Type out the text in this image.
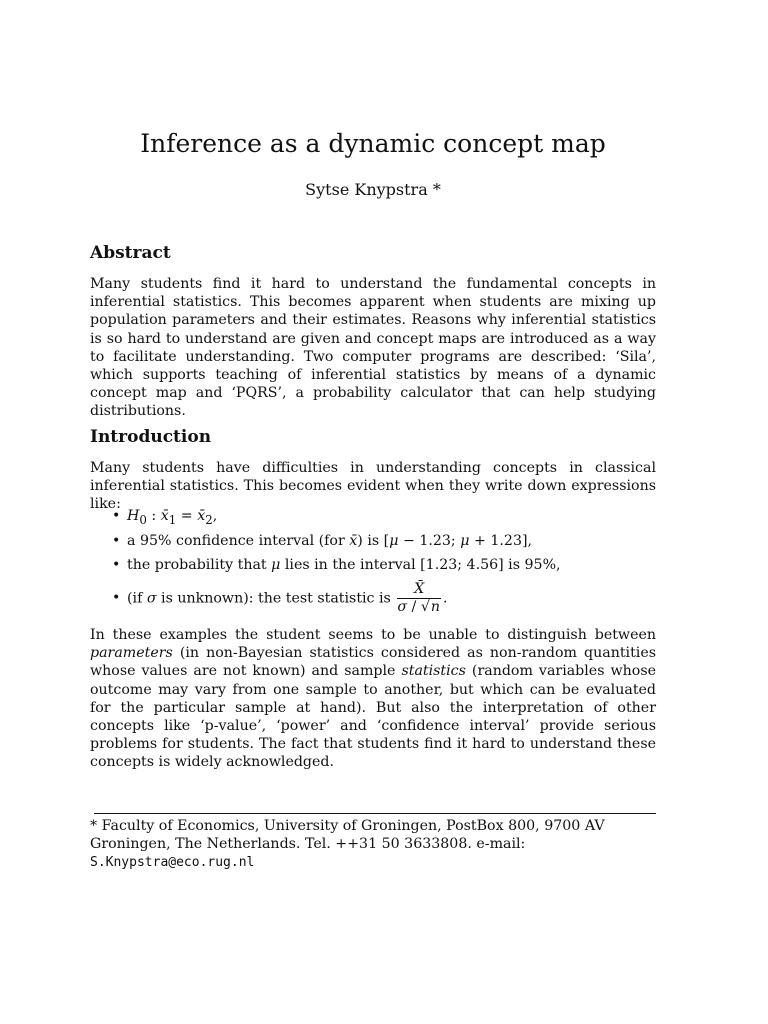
Inference as a dynamic concept map
Sytse Knypstra *
Abstract

Many students find it hard to understand the fundamental concepts in inferential statistics. This becomes apparent when students are mixing up population parameters and their estimates. Reasons why inferential statistics is so hard to understand are given and concept maps are introduced as a way to facilitate understanding. Two computer programs are described: ‘Sila’, which supports teaching of inferential statistics by means of a dynamic concept map and ‘PQRS’, a probability calculator that can help studying distributions.

Introduction

Many students have difficulties in understanding concepts in classical inferential statistics. This becomes evident when they write down expressions like:

• $H_0$ : $x̄_1$ = $x̄_2$,
• a 95% confidence interval (for x̄) is [μ − 1.23; μ + 1.23],
• the probability that μ lies in the interval [1.23; 4.56] is 95%,
• (if σ is unknown): the test statistic is $\frac{X̄}{\sigma / √n}$ .

In these examples the student seems to be unable to distinguish between parameters (in non-Bayesian statistics considered as non-random quantities whose values are not known) and sample statistics (random variables whose outcome may vary from one sample to another, but which can be evaluated for the particular sample at hand). But also the interpretation of other concepts like ‘p-value’, ‘power’ and ‘confidence interval’ provide serious problems for students. The fact that students find it hard to understand these concepts is widely acknowledged.

* Faculty of Economics, University of Groningen, PostBox 800, 9700 AV Groningen, The Netherlands. Tel. ++31 50 3633808. e-mail: S.Knypstra@eco.rug.nl
